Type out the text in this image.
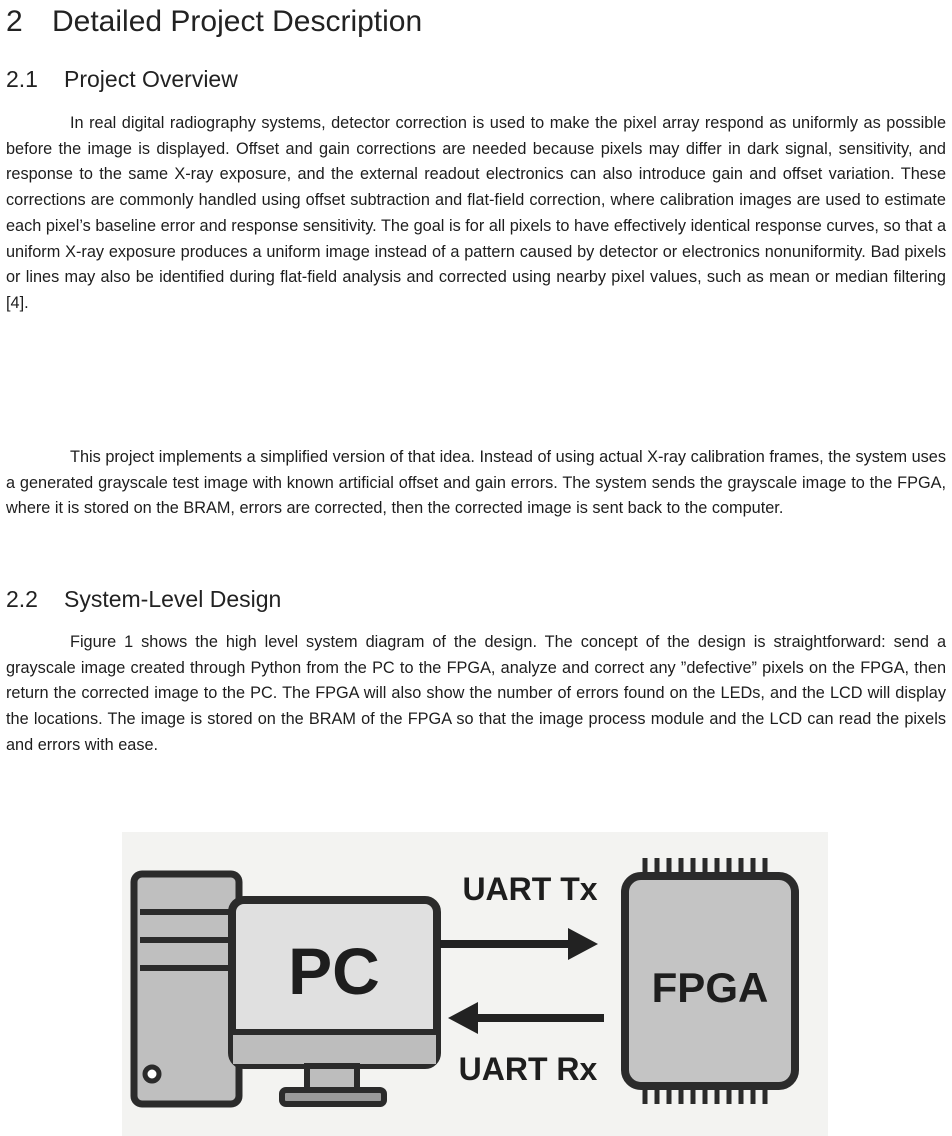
2 Detailed Project Description
2.1 Project Overview

In real digital radiography systems, detector correction is used to make the pixel array respond as uniformly as possible before the image is displayed. Offset and gain corrections are needed because pixels may differ in dark signal, sensitivity, and response to the same X-ray exposure, and the external readout electronics can also introduce gain and offset variation. These corrections are commonly handled using offset subtraction and flat-field correction, where calibration images are used to estimate each pixel’s baseline error and response sensitivity. The goal is for all pixels to have effectively identical response curves, so that a uniform X-ray exposure produces a uniform image instead of a pattern caused by detector or electronics nonuniformity. Bad pixels or lines may also be identified during flat-field analysis and corrected using nearby pixel values, such as mean or median filtering [4].

This project implements a simplified version of that idea. Instead of using actual X-ray calibration frames, the system uses a generated grayscale test image with known artificial offset and gain errors. The system sends the grayscale image to the FPGA, where it is stored on the BRAM, errors are corrected, then the corrected image is sent back to the computer.

2.2 System-Level Design

Figure 1 shows the high level system diagram of the design. The concept of the design is straightforward: send a grayscale image created through Python from the PC to the FPGA, analyze and correct any ”defective” pixels on the FPGA, then return the corrected image to the PC. The FPGA will also show the number of errors found on the LEDs, and the LCD will display the locations. The image is stored on the BRAM of the FPGA so that the image process module and the LCD can read the pixels and errors with ease.

PC
UART Tx
UART Rx
FPGA
